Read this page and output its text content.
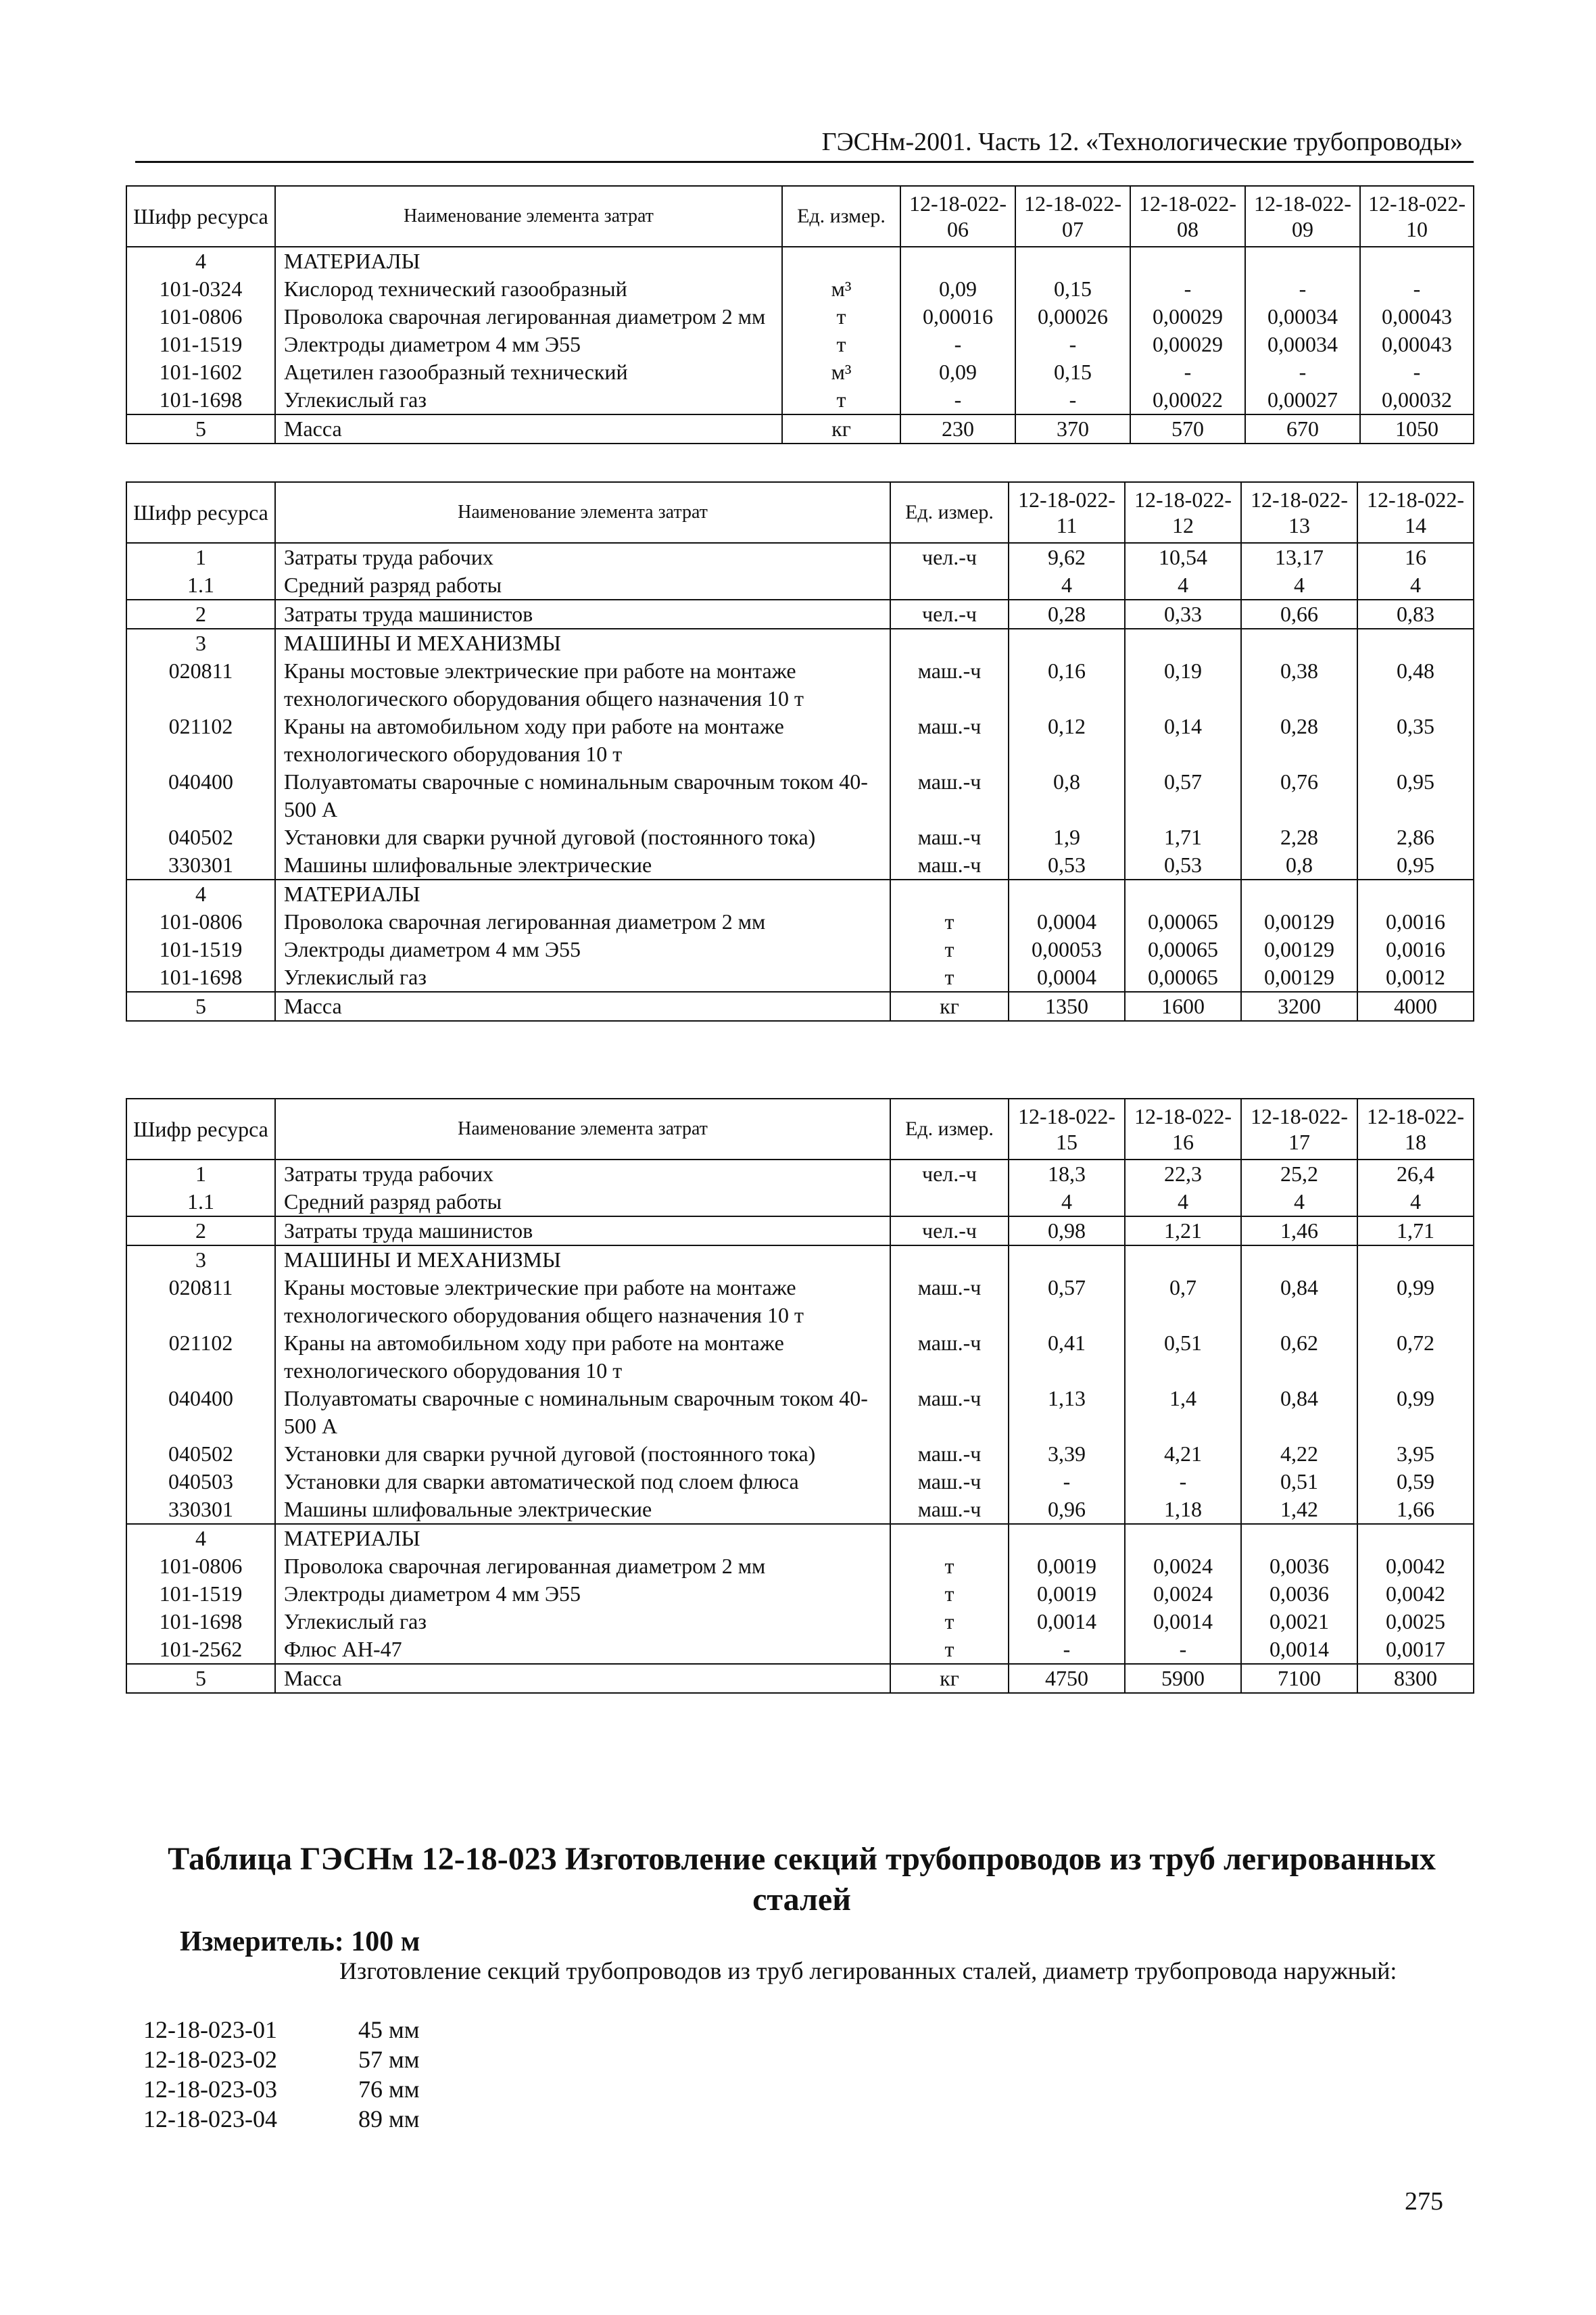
ГЭСНм-2001. Часть 12. «Технологические трубопроводы»
Шифр ресурса	Наименование элемента затрат	Ед. измер.	12-18-022-06	12-18-022-07	12-18-022-08	12-18-022-09	12-18-022-10
4	МАТЕРИАЛЫ						
101-0324	Кислород технический газообразный	м³	0,09	0,15	-	-	-
101-0806	Проволока сварочная легированная диаметром 2 мм	т	0,00016	0,00026	0,00029	0,00034	0,00043
101-1519	Электроды диаметром 4 мм Э55	т	-	-	0,00029	0,00034	0,00043
101-1602	Ацетилен газообразный технический	м³	0,09	0,15	-	-	-
101-1698	Углекислый газ	т	-	-	0,00022	0,00027	0,00032
5	Масса	кг	230	370	570	670	1050
Шифр ресурса	Наименование элемента затрат	Ед. измер.	12-18-022-11	12-18-022-12	12-18-022-13	12-18-022-14
1	Затраты труда рабочих	чел.-ч	9,62	10,54	13,17	16
1.1	Средний разряд работы		4	4	4	4
2	Затраты труда машинистов	чел.-ч	0,28	0,33	0,66	0,83
3	МАШИНЫ И МЕХАНИЗМЫ					
020811	Краны мостовые электрические при работе на монтаже технологического оборудования общего назначения 10 т	маш.-ч	0,16	0,19	0,38	0,48
021102	Краны на автомобильном ходу при работе на монтаже технологического оборудования 10 т	маш.-ч	0,12	0,14	0,28	0,35
040400	Полуавтоматы сварочные с номинальным сварочным током 40-500 А	маш.-ч	0,8	0,57	0,76	0,95
040502	Установки для сварки ручной дуговой (постоянного тока)	маш.-ч	1,9	1,71	2,28	2,86
330301	Машины шлифовальные электрические	маш.-ч	0,53	0,53	0,8	0,95
4	МАТЕРИАЛЫ					
101-0806	Проволока сварочная легированная диаметром 2 мм	т	0,0004	0,00065	0,00129	0,0016
101-1519	Электроды диаметром 4 мм Э55	т	0,00053	0,00065	0,00129	0,0016
101-1698	Углекислый газ	т	0,0004	0,00065	0,00129	0,0012
5	Масса	кг	1350	1600	3200	4000
Шифр ресурса	Наименование элемента затрат	Ед. измер.	12-18-022-15	12-18-022-16	12-18-022-17	12-18-022-18
1	Затраты труда рабочих	чел.-ч	18,3	22,3	25,2	26,4
1.1	Средний разряд работы		4	4	4	4
2	Затраты труда машинистов	чел.-ч	0,98	1,21	1,46	1,71
3	МАШИНЫ И МЕХАНИЗМЫ					
020811	Краны мостовые электрические при работе на монтаже технологического оборудования общего назначения 10 т	маш.-ч	0,57	0,7	0,84	0,99
021102	Краны на автомобильном ходу при работе на монтаже технологического оборудования 10 т	маш.-ч	0,41	0,51	0,62	0,72
040400	Полуавтоматы сварочные с номинальным сварочным током 40-500 А	маш.-ч	1,13	1,4	0,84	0,99
040502	Установки для сварки ручной дуговой (постоянного тока)	маш.-ч	3,39	4,21	4,22	3,95
040503	Установки для сварки автоматической под слоем флюса	маш.-ч	-	-	0,51	0,59
330301	Машины шлифовальные электрические	маш.-ч	0,96	1,18	1,42	1,66
4	МАТЕРИАЛЫ					
101-0806	Проволока сварочная легированная диаметром 2 мм	т	0,0019	0,0024	0,0036	0,0042
101-1519	Электроды диаметром 4 мм Э55	т	0,0019	0,0024	0,0036	0,0042
101-1698	Углекислый газ	т	0,0014	0,0014	0,0021	0,0025
101-2562	Флюс АН-47	т	-	-	0,0014	0,0017
5	Масса	кг	4750	5900	7100	8300
Таблица ГЭСНм 12-18-023 Изготовление секций трубопроводов из труб легированных сталей
Измеритель: 100 м
Изготовление секций трубопроводов из труб легированных сталей, диаметр трубопровода наружный:
12-18-023-01	45 мм
12-18-023-02	57 мм
12-18-023-03	76 мм
12-18-023-04	89 мм
275
